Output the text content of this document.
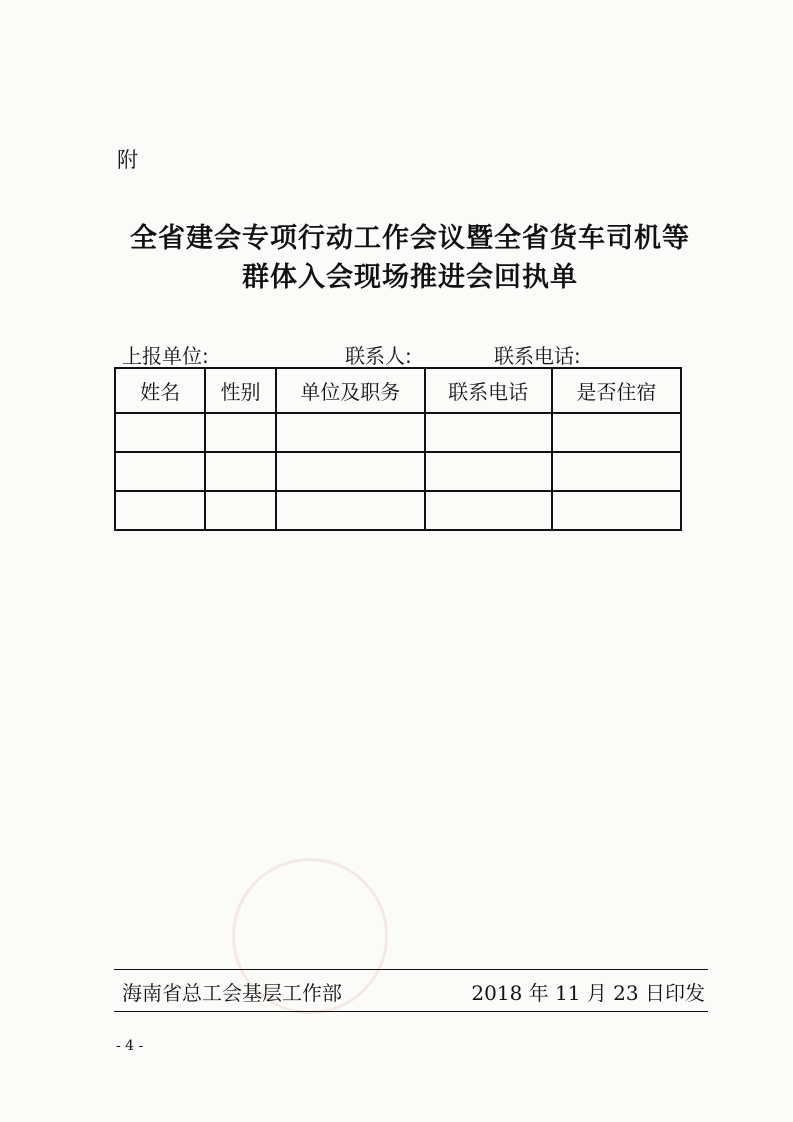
附
全省建会专项行动工作会议暨全省货车司机等
群体入会现场推进会回执单
上报单位:	联系人:	联系电话:
姓名	性别	单位及职务	联系电话	是否住宿

海南省总工会基层工作部	2018 年 11 月 23 日印发
- 4 -
